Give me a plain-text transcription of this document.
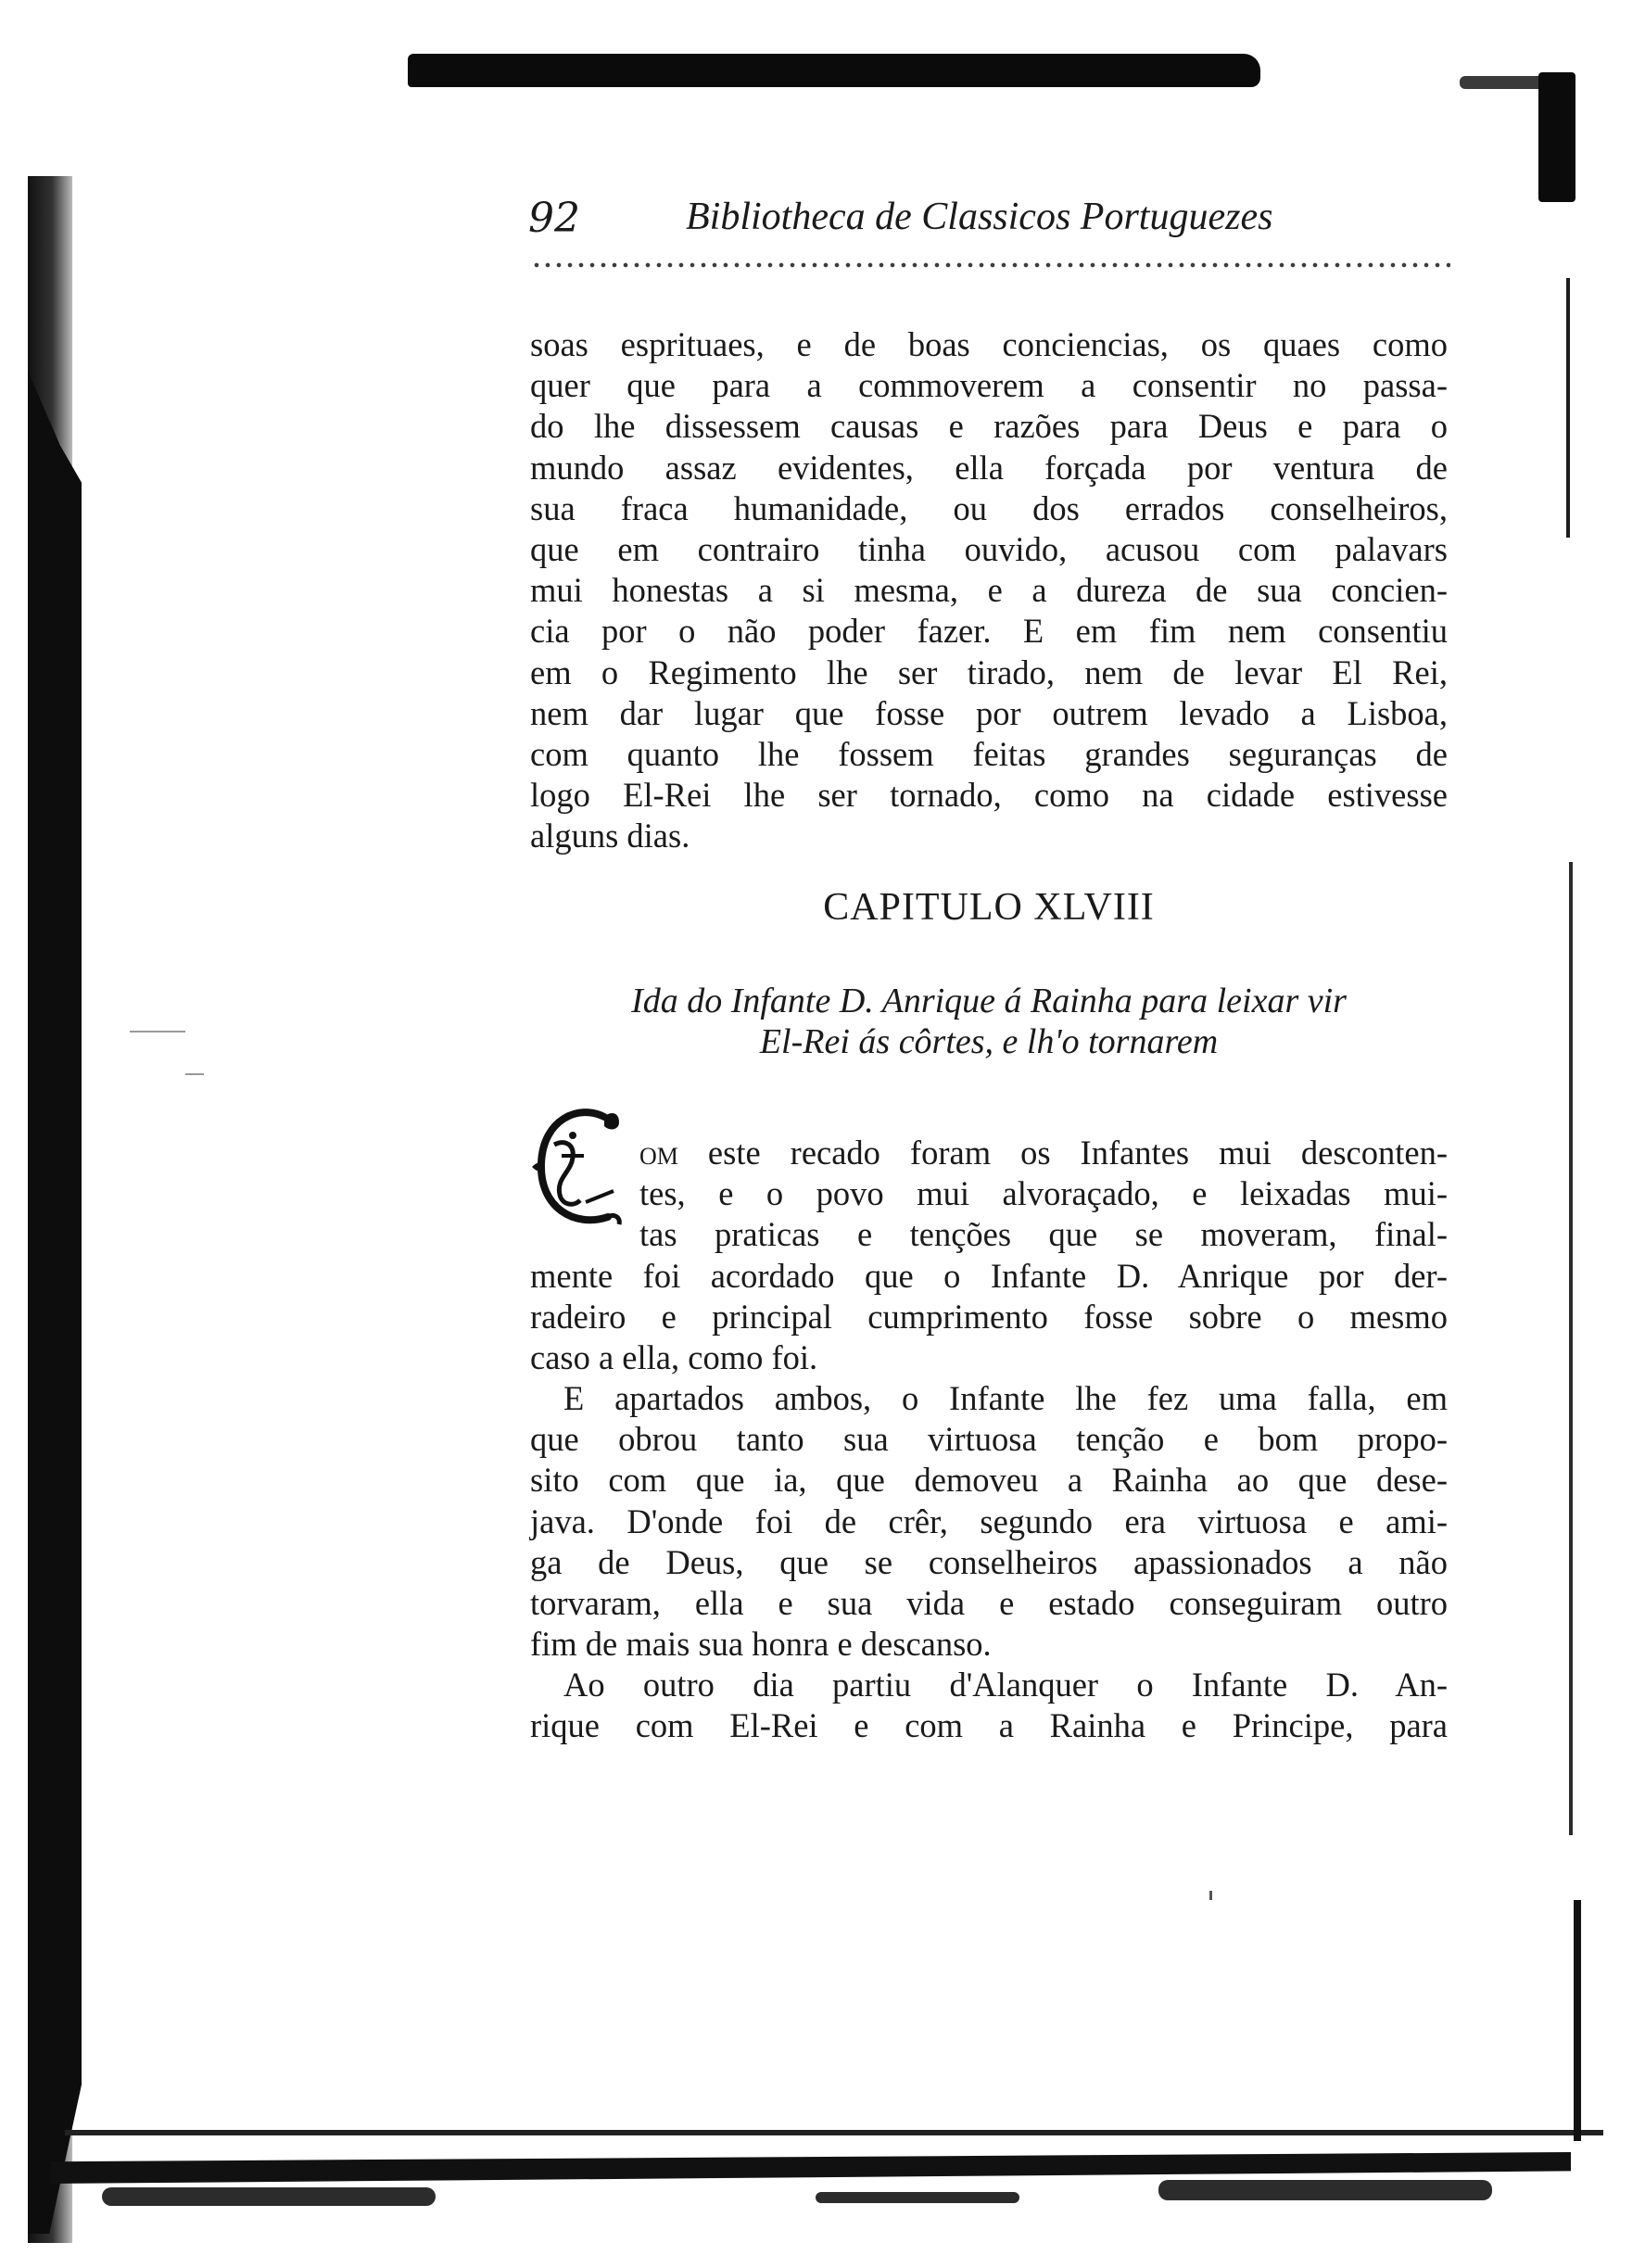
92	Bibliotheca de Classicos Portuguezes

soas esprituaes, e de boas conciencias, os quaes como
quer que para a commoverem a consentir no passa-
do lhe dissessem causas e razões para Deus e para o
mundo assaz evidentes, ella forçada por ventura de
sua fraca humanidade, ou dos errados conselheiros,
que em contrairo tinha ouvido, acusou com palavars
mui honestas a si mesma, e a dureza de sua concien-
cia por o não poder fazer. E em fim nem consentiu
em o Regimento lhe ser tirado, nem de levar El Rei,
nem dar lugar que fosse por outrem levado a Lisboa,
com quanto lhe fossem feitas grandes seguranças de
logo El-Rei lhe ser tornado, como na cidade estivesse
alguns dias.

CAPITULO XLVIII
Ida do Infante D. Anrique á Rainha para leixar vir
El-Rei ás côrtes, e lh'o tornarem

om este recado foram os Infantes mui desconten-
tes, e o povo mui alvoraçado, e leixadas mui-
tas praticas e tenções que se moveram, final-

mente foi acordado que o Infante D. Anrique por der-
radeiro e principal cumprimento fosse sobre o mesmo
caso a ella, como foi.

E apartados ambos, o Infante lhe fez uma falla, em
que obrou tanto sua virtuosa tenção e bom propo-
sito com que ia, que demoveu a Rainha ao que dese-
java. D'onde foi de crêr, segundo era virtuosa e ami-
ga de Deus, que se conselheiros apassionados a não
torvaram, ella e sua vida e estado conseguiram outro
fim de mais sua honra e descanso.

Ao outro dia partiu d'Alanquer o Infante D. An-
rique com El-Rei e com a Rainha e Principe, para
